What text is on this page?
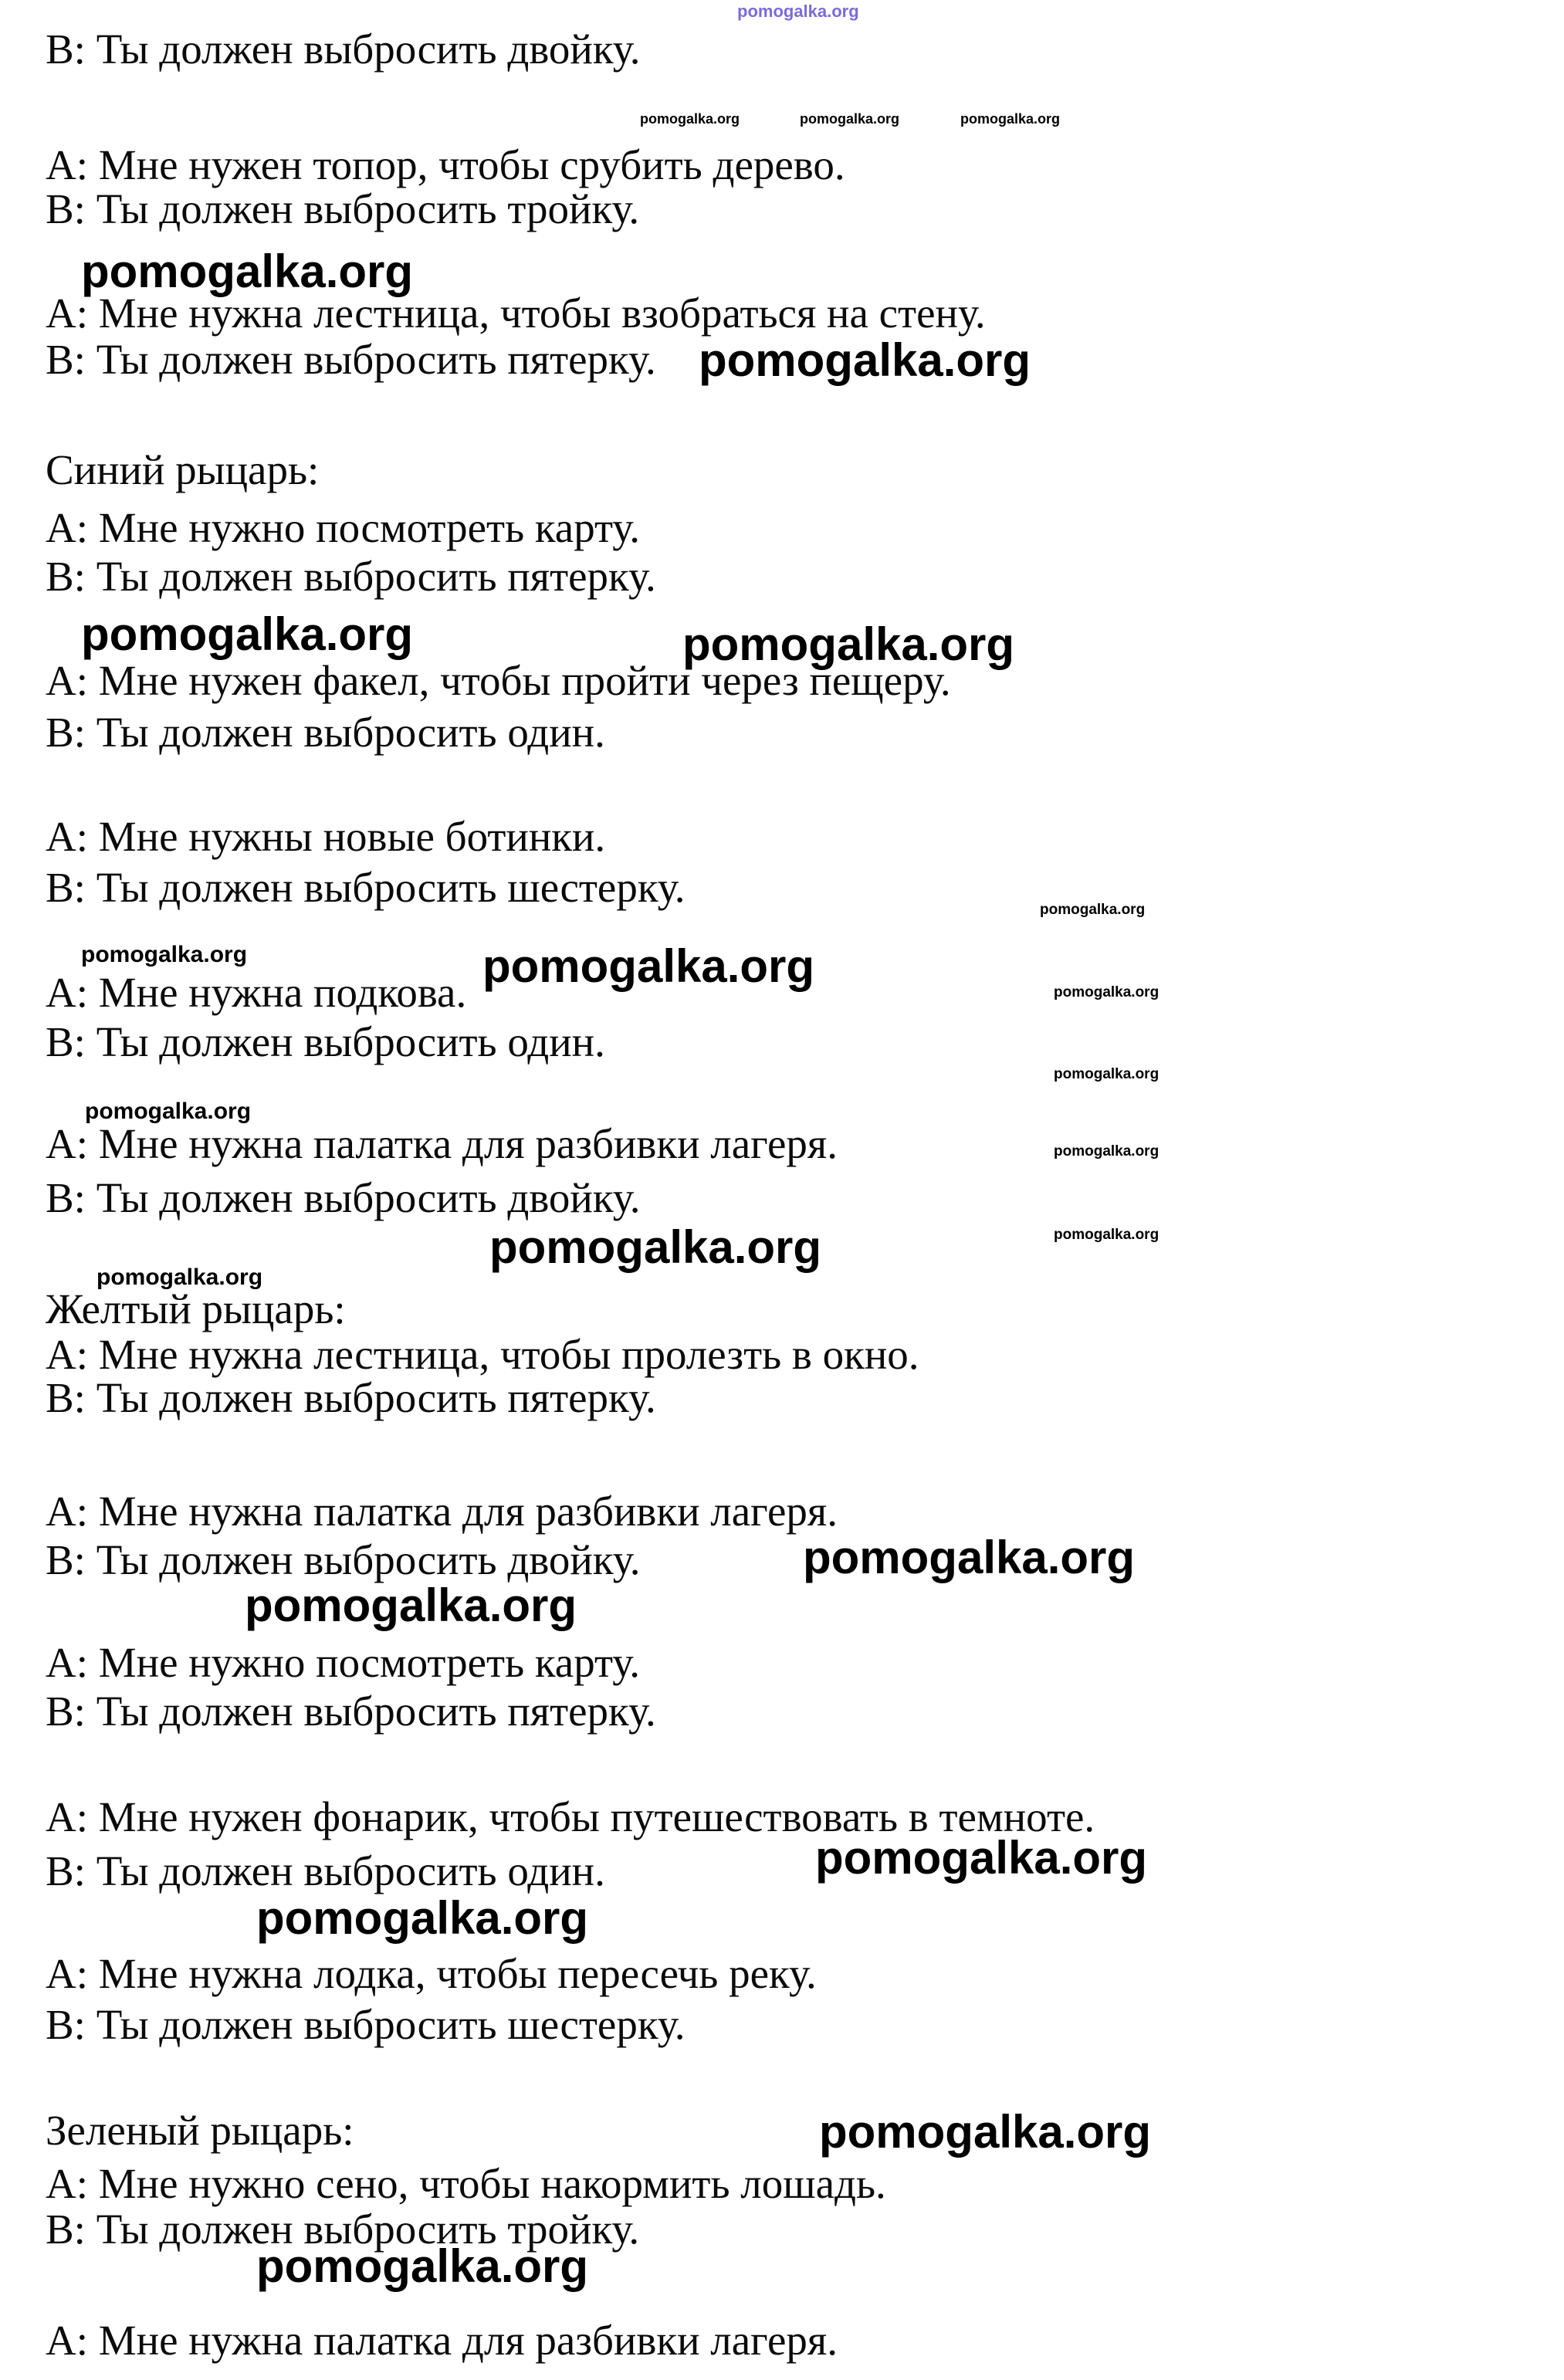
pomogalka.org
pomogalka.org	pomogalka.org	pomogalka.org
В: Ты должен выбросить двойку.
А: Мне нужен топор, чтобы срубить дерево.
В: Ты должен выбросить тройку.
pomogalka.org
А: Мне нужна лестница, чтобы взобраться на стену.
В: Ты должен выбросить пятерку. pomogalka.org
Синий рыцарь:
А: Мне нужно посмотреть карту.
В: Ты должен выбросить пятерку.
pomogalka.org	pomogalka.org
А: Мне нужен факел, чтобы пройти через пещеру.
В: Ты должен выбросить один.
А: Мне нужны новые ботинки.
В: Ты должен выбросить шестерку.	pomogalka.org
pomogalka.org
pomogalka.org
pomogalka.org
pomogalka.org
pomogalka.org	pomogalka.org
А: Мне нужна подкова.
В: Ты должен выбросить один.
pomogalka.org
А: Мне нужна палатка для разбивки лагеря.
В: Ты должен выбросить двойку.
pomogalka.org
pomogalka.org
Желтый рыцарь:
А: Мне нужна лестница, чтобы пролезть в окно.
В: Ты должен выбросить пятерку.
А: Мне нужна палатка для разбивки лагеря.
В: Ты должен выбросить двойку.	pomogalka.org
pomogalka.org
А: Мне нужно посмотреть карту.
В: Ты должен выбросить пятерку.
А: Мне нужен фонарик, чтобы путешествовать в темноте.
В: Ты должен выбросить один.	pomogalka.org
pomogalka.org
А: Мне нужна лодка, чтобы пересечь реку.
В: Ты должен выбросить шестерку.
Зеленый рыцарь:	pomogalka.org
А: Мне нужно сено, чтобы накормить лошадь.
В: Ты должен выбросить тройку.
pomogalka.org
А: Мне нужна палатка для разбивки лагеря.
